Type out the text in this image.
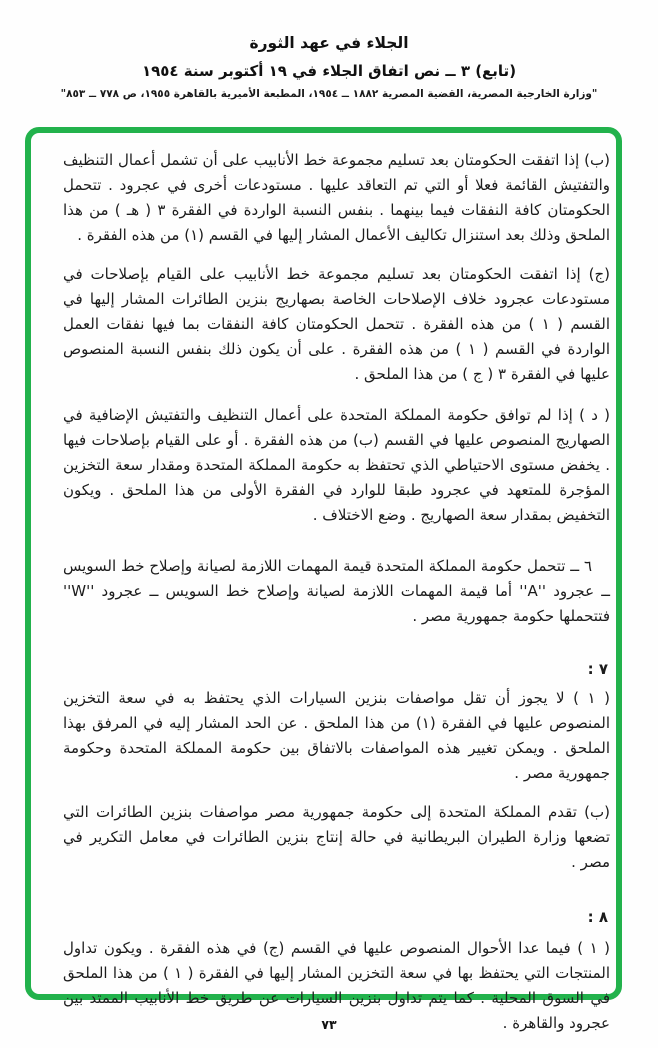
الجلاء في عهد الثورة
(تابع) ٣ ــ نص اتفاق الجلاء في ١٩ أكتوبر سنة ١٩٥٤
"وزارة الخارجية المصرية، القضية المصرية ١٨٨٢ ــ ١٩٥٤، المطبعة الأميرية بالقاهرة ١٩٥٥، ص ٧٧٨ ــ ٨٥٣"

(ب) إذا اتفقت الحكومتان بعد تسليم مجموعة خط الأنابيب على أن تشمل أعمال التنظيف والتفتيش القائمة فعلا أو التي تم التعاقد عليها . مستودعات أخرى في عجرود . تتحمل الحكومتان كافة النفقات فيما بينهما . بنفس النسبة الواردة في الفقرة ٣ ( هـ ) من هذا الملحق وذلك بعد استنزال تكاليف الأعمال المشار إليها في القسم (١) من هذه الفقرة .

(ج) إذا اتفقت الحكومتان بعد تسليم مجموعة خط الأنابيب على القيام بإصلاحات في مستودعات عجرود خلاف الإصلاحات الخاصة بصهاريج بنزين الطائرات المشار إليها في القسم ( ١ ) من هذه الفقرة . تتحمل الحكومتان كافة النفقات بما فيها نفقات العمل الواردة في القسم ( ١ ) من هذه الفقرة . على أن يكون ذلك بنفس النسبة المنصوص عليها في الفقرة ٣ ( ج ) من هذا الملحق .

( د ) إذا لم توافق حكومة المملكة المتحدة على أعمال التنظيف والتفتيش الإضافية في الصهاريج المنصوص عليها في القسم (ب) من هذه الفقرة . أو على القيام بإصلاحات فيها . يخفض مستوى الاحتياطي الذي تحتفظ به حكومة المملكة المتحدة ومقدار سعة التخزين المؤجرة للمتعهد في عجرود طبقا للوارد في الفقرة الأولى من هذا الملحق . ويكون التخفيض بمقدار سعة الصهاريج . وضع الاختلاف .

٦ ــ تتحمل حكومة المملكة المتحدة قيمة المهمات اللازمة لصيانة وإصلاح خط السويس ــ عجرود ''A'' أما قيمة المهمات اللازمة لصيانة وإصلاح خط السويس ــ عجرود ''W'' فتتحملها حكومة جمهورية مصر .

٧ :

( ١ ) لا يجوز أن تقل مواصفات بنزين السيارات الذي يحتفظ به في سعة التخزين المنصوص عليها في الفقرة (١) من هذا الملحق . عن الحد المشار إليه في المرفق بهذا الملحق . ويمكن تغيير هذه المواصفات بالاتفاق بين حكومة المملكة المتحدة وحكومة جمهورية مصر .

(ب) تقدم المملكة المتحدة إلى حكومة جمهورية مصر مواصفات بنزين الطائرات التي تضعها وزارة الطيران البريطانية في حالة إنتاج بنزين الطائرات في معامل التكرير في مصر .

٨ :

( ١ ) فيما عدا الأحوال المنصوص عليها في القسم (ج) في هذه الفقرة . ويكون تداول المنتجات التي يحتفظ بها في سعة التخزين المشار إليها في الفقرة ( ١ ) من هذا الملحق في السوق المحلية . كما يتم تداول بنزين السيارات عن طريق خط الأنابيب الممتد بين عجرود والقاهرة .

٧٣
